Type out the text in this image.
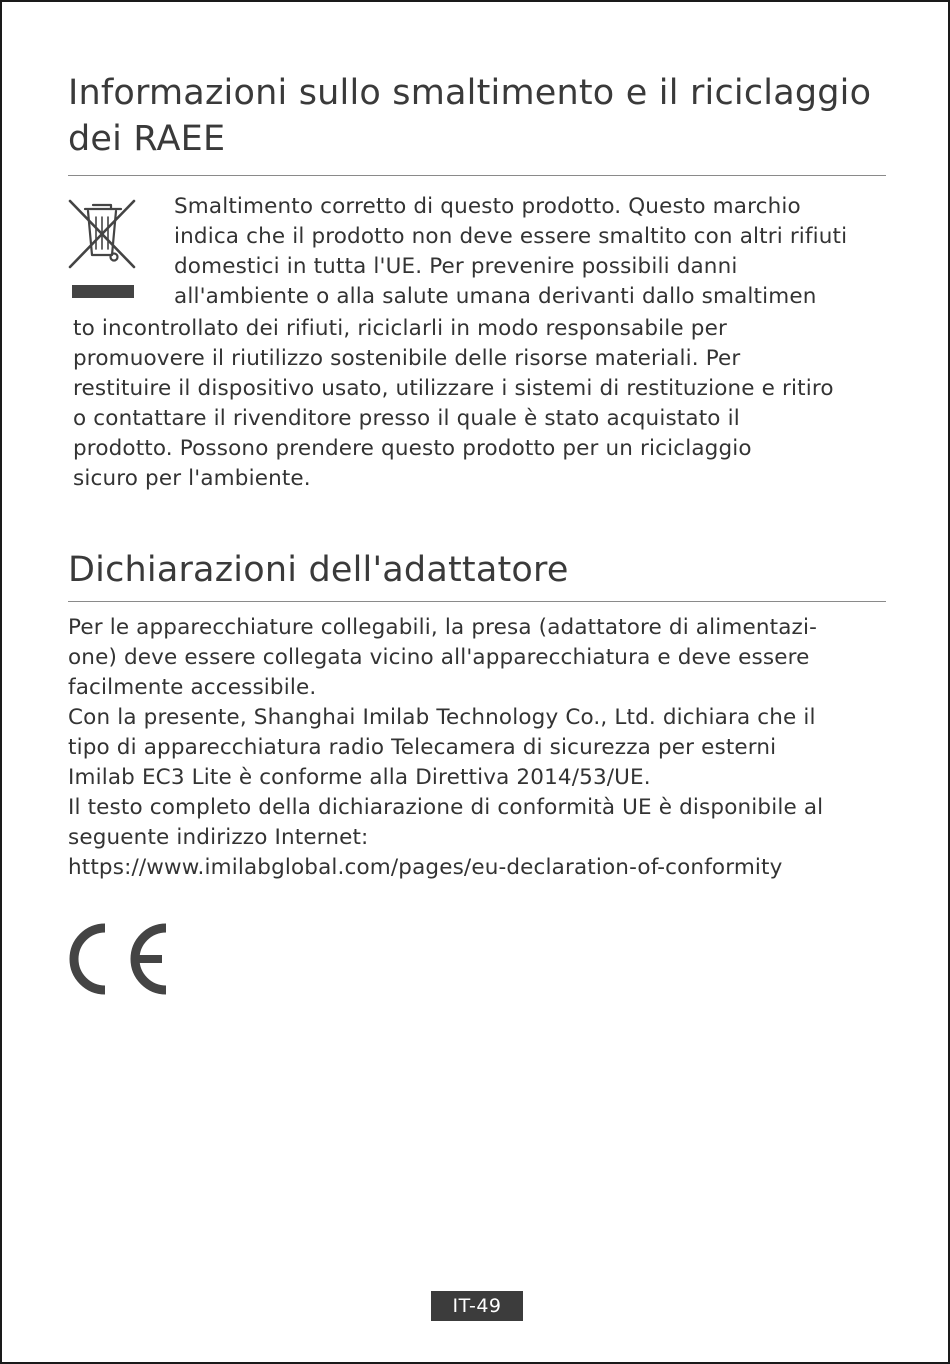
Informazioni sullo smaltimento e il riciclaggio
dei RAEE
Smaltimento corretto di questo prodotto. Questo marchio
indica che il prodotto non deve essere smaltito con altri rifiuti
domestici in tutta l'UE. Per prevenire possibili danni
all'ambiente o alla salute umana derivanti dallo smaltimen
to incontrollato dei rifiuti, riciclarli in modo responsabile per
promuovere il riutilizzo sostenibile delle risorse materiali. Per
restituire il dispositivo usato, utilizzare i sistemi di restituzione e ritiro
o contattare il rivenditore presso il quale è stato acquistato il
prodotto. Possono prendere questo prodotto per un riciclaggio
sicuro per l'ambiente.
Dichiarazioni dell'adattatore
Per le apparecchiature collegabili, la presa (adattatore di alimentazi-
one) deve essere collegata vicino all'apparecchiatura e deve essere
facilmente accessibile.
Con la presente, Shanghai Imilab Technology Co., Ltd. dichiara che il
tipo di apparecchiatura radio Telecamera di sicurezza per esterni
Imilab EC3 Lite è conforme alla Direttiva 2014/53/UE.
Il testo completo della dichiarazione di conformità UE è disponibile al
seguente indirizzo Internet:
https://www.imilabglobal.com/pages/eu-declaration-of-conformity
IT-49
